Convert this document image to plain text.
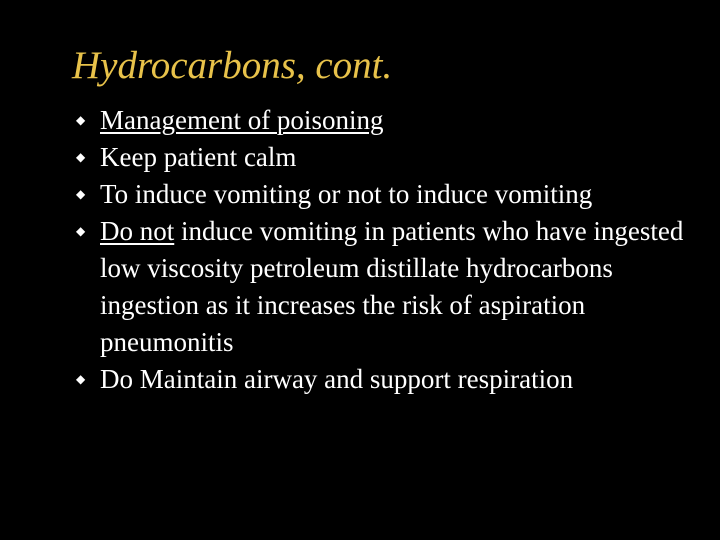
Hydrocarbons, cont.
◆ Management of poisoning
◆ Keep patient calm
◆ To induce vomiting or not to induce vomiting
◆ Do not induce vomiting in patients who have ingested low viscosity petroleum distillate hydrocarbons ingestion as it increases the risk of aspiration pneumonitis
◆ Do Maintain airway and support respiration
